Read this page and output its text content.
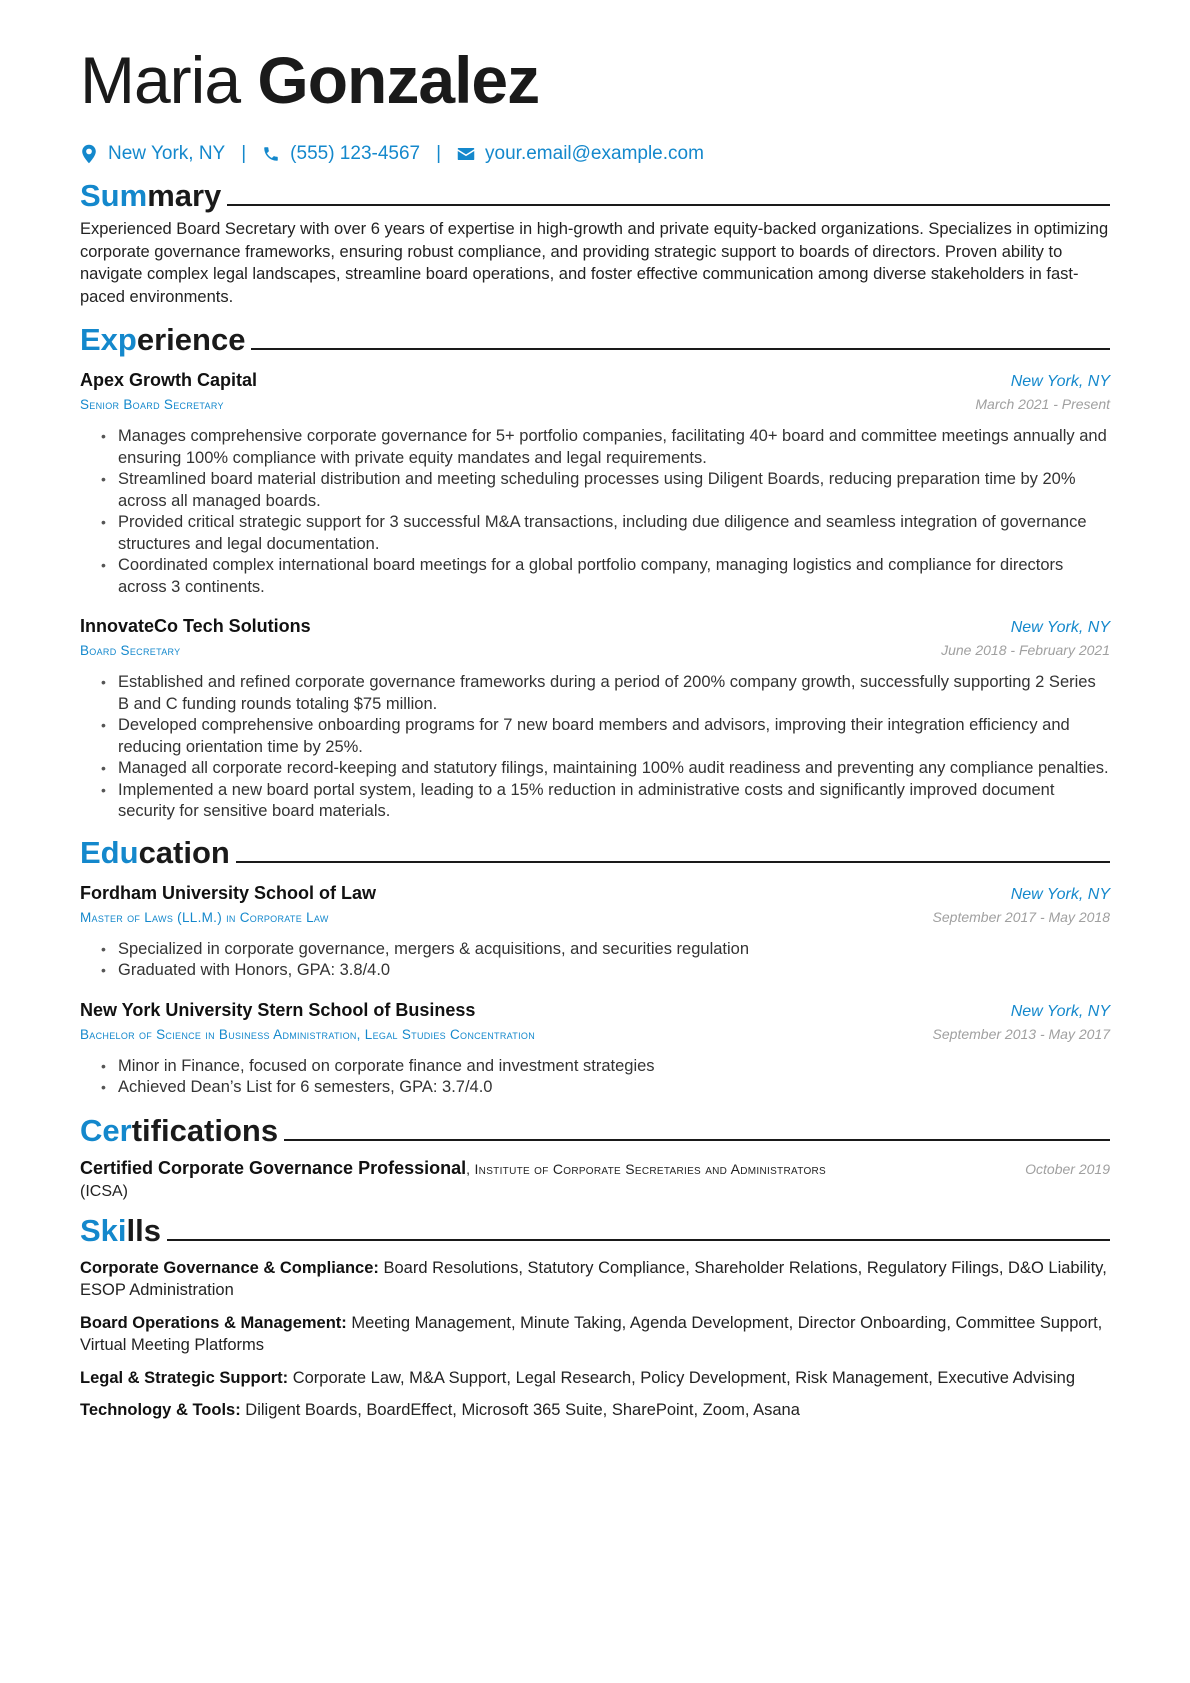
Maria Gonzalez
New York, NY | (555) 123-4567 | your.email@example.com
Summary

Experienced Board Secretary with over 6 years of expertise in high-growth and private equity-backed organizations. Specializes in optimizing corporate governance frameworks, ensuring robust compliance, and providing strategic support to boards of directors. Proven ability to navigate complex legal landscapes, streamline board operations, and foster effective communication among diverse stakeholders in fast-paced environments.

Experience
Apex Growth Capital	New York, NY
Senior Board Secretary	March 2021 - Present
• Manages comprehensive corporate governance for 5+ portfolio companies, facilitating 40+ board and committee meetings annually and ensuring 100% compliance with private equity mandates and legal requirements.
• Streamlined board material distribution and meeting scheduling processes using Diligent Boards, reducing preparation time by 20% across all managed boards.
• Provided critical strategic support for 3 successful M&A transactions, including due diligence and seamless integration of governance structures and legal documentation.
• Coordinated complex international board meetings for a global portfolio company, managing logistics and compliance for directors across 3 continents.
InnovateCo Tech Solutions	New York, NY
Board Secretary	June 2018 - February 2021
• Established and refined corporate governance frameworks during a period of 200% company growth, successfully supporting 2 Series B and C funding rounds totaling $75 million.
• Developed comprehensive onboarding programs for 7 new board members and advisors, improving their integration efficiency and reducing orientation time by 25%.
• Managed all corporate record-keeping and statutory filings, maintaining 100% audit readiness and preventing any compliance penalties.
• Implemented a new board portal system, leading to a 15% reduction in administrative costs and significantly improved document security for sensitive board materials.
Education
Fordham University School of Law	New York, NY
Master of Laws (LL.M.) in Corporate Law	September 2017 - May 2018
• Specialized in corporate governance, mergers & acquisitions, and securities regulation
• Graduated with Honors, GPA: 3.8/4.0
New York University Stern School of Business	New York, NY
Bachelor of Science in Business Administration, Legal Studies Concentration	September 2013 - May 2017
• Minor in Finance, focused on corporate finance and investment strategies
• Achieved Dean’s List for 6 semesters, GPA: 3.7/4.0
Certifications
Certified Corporate Governance Professional, Institute of Corporate Secretaries and Administrators
(ICSA)
October 2019
Skills
Corporate Governance & Compliance: Board Resolutions, Statutory Compliance, Shareholder Relations, Regulatory Filings, D&O Liability, ESOP Administration
Board Operations & Management: Meeting Management, Minute Taking, Agenda Development, Director Onboarding, Committee Support, Virtual Meeting Platforms
Legal & Strategic Support: Corporate Law, M&A Support, Legal Research, Policy Development, Risk Management, Executive Advising
Technology & Tools: Diligent Boards, BoardEffect, Microsoft 365 Suite, SharePoint, Zoom, Asana
